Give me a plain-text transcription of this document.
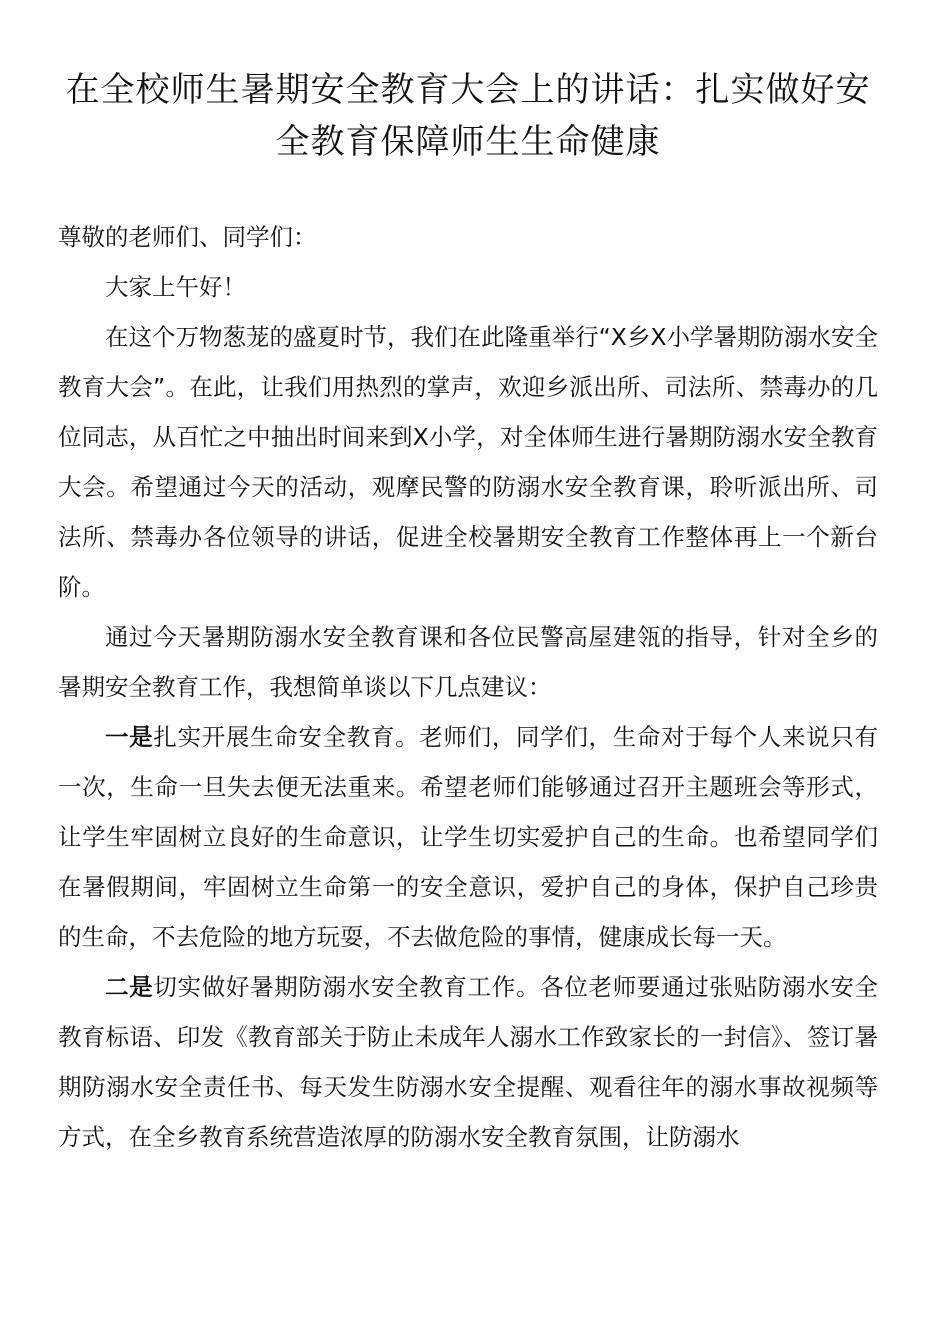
在全校师生暑期安全教育大会上的讲话：扎实做好安全教育保障师生生命健康

尊敬的老师们、同学们：

大家上午好！

在这个万物葱茏的盛夏时节，我们在此隆重举行“X乡X小学暑期防溺水安全教育大会”。在此，让我们用热烈的掌声，欢迎乡派出所、司法所、禁毒办的几位同志，从百忙之中抽出时间来到X小学，对全体师生进行暑期防溺水安全教育大会。希望通过今天的活动，观摩民警的防溺水安全教育课，聆听派出所、司法所、禁毒办各位领导的讲话，促进全校暑期安全教育工作整体再上一个新台阶。

通过今天暑期防溺水安全教育课和各位民警高屋建瓴的指导，针对全乡的暑期安全教育工作，我想简单谈以下几点建议：

一是扎实开展生命安全教育。老师们，同学们，生命对于每个人来说只有一次，生命一旦失去便无法重来。希望老师们能够通过召开主题班会等形式，让学生牢固树立良好的生命意识，让学生切实爱护自己的生命。也希望同学们在暑假期间，牢固树立生命第一的安全意识，爱护自己的身体，保护自己珍贵的生命，不去危险的地方玩耍，不去做危险的事情，健康成长每一天。

二是切实做好暑期防溺水安全教育工作。各位老师要通过张贴防溺水安全教育标语、印发《教育部关于防止未成年人溺水工作致家长的一封信》、签订暑期防溺水安全责任书、每天发生防溺水安全提醒、观看往年的溺水事故视频等方式，在全乡教育系统营造浓厚的防溺水安全教育氛围，让防溺水
